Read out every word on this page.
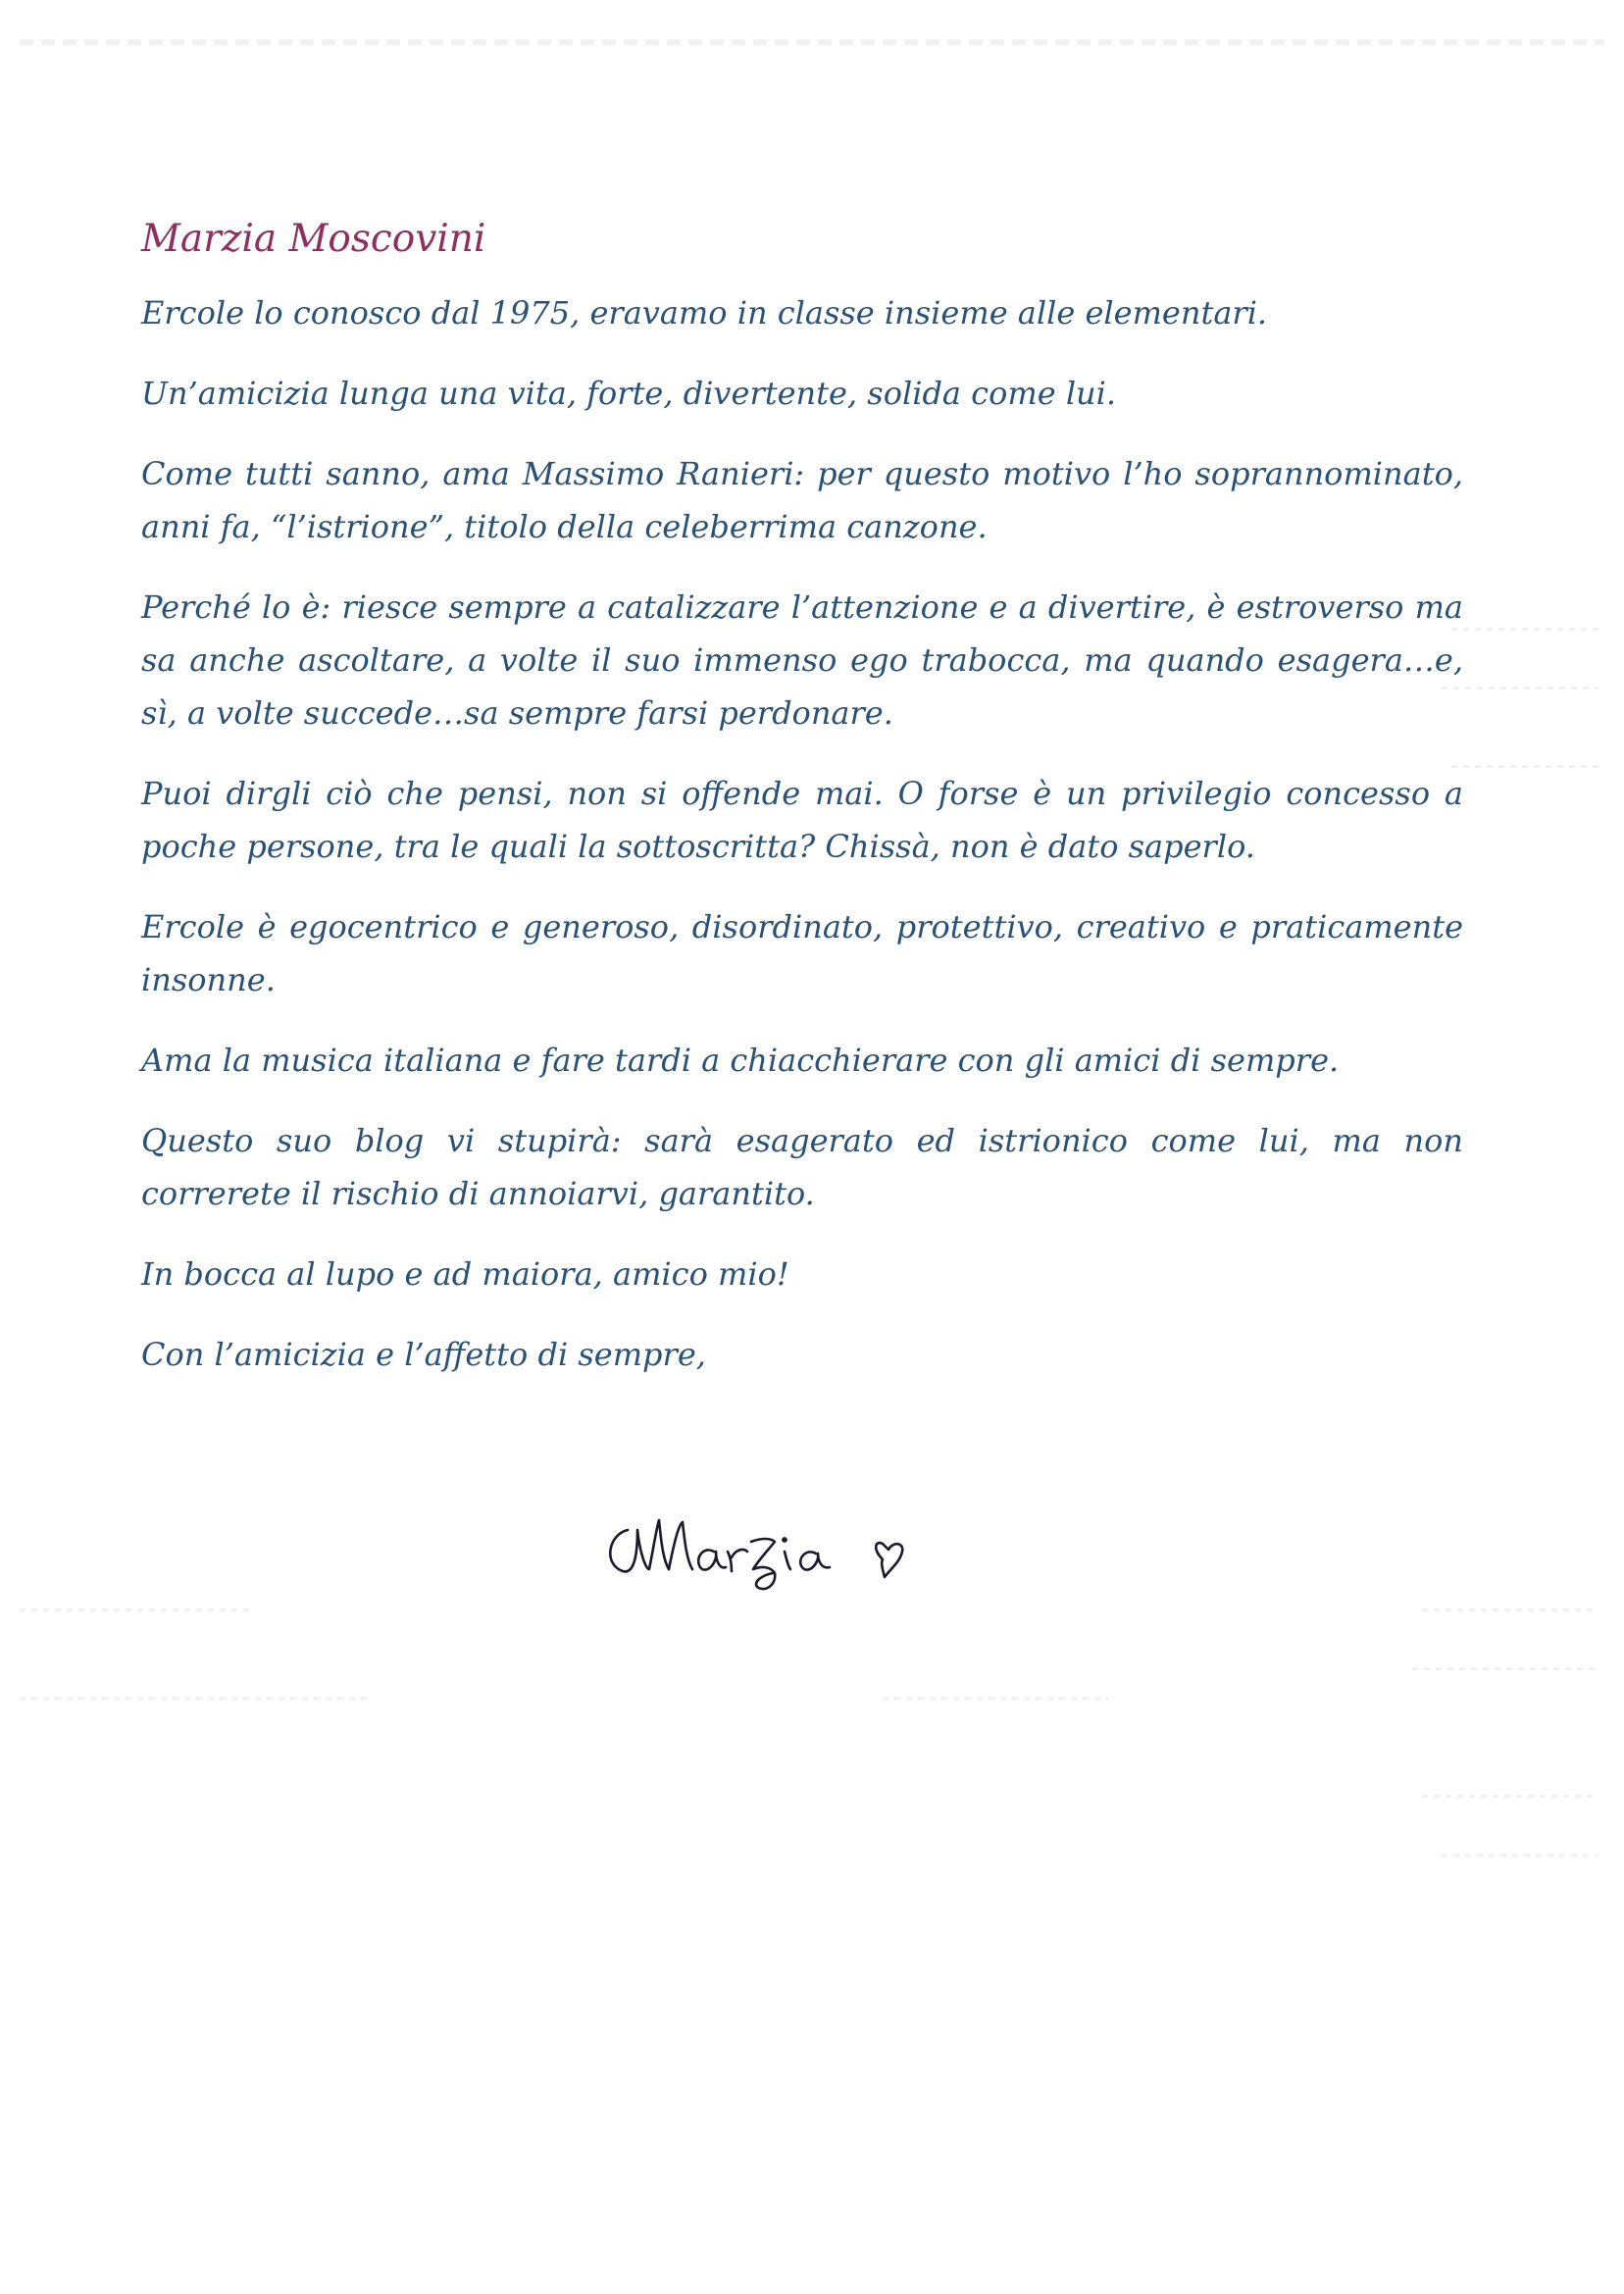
Marzia Moscovini

Ercole lo conosco dal 1975, eravamo in classe insieme alle elementari.

Un’amicizia lunga una vita, forte, divertente, solida come lui.

Come tutti sanno, ama Massimo Ranieri: per questo motivo l’ho soprannominato, anni fa, “l’istrione”, titolo della celeberrima canzone.

Perché lo è: riesce sempre a catalizzare l’attenzione e a divertire, è estroverso ma sa anche ascoltare, a volte il suo immenso ego trabocca, ma quando esagera…e, sì, a volte succede…sa sempre farsi perdonare.

Puoi dirgli ciò che pensi, non si offende mai. O forse è un privilegio concesso a poche persone, tra le quali la sottoscritta? Chissà, non è dato saperlo.

Ercole è egocentrico e generoso, disordinato, protettivo, creativo e praticamente insonne.

Ama la musica italiana e fare tardi a chiacchierare con gli amici di sempre.

Questo suo blog vi stupirà: sarà esagerato ed istrionico come lui, ma non correrete il rischio di annoiarvi, garantito.

In bocca al lupo e ad maiora, amico mio!

Con l’amicizia e l’affetto di sempre,
